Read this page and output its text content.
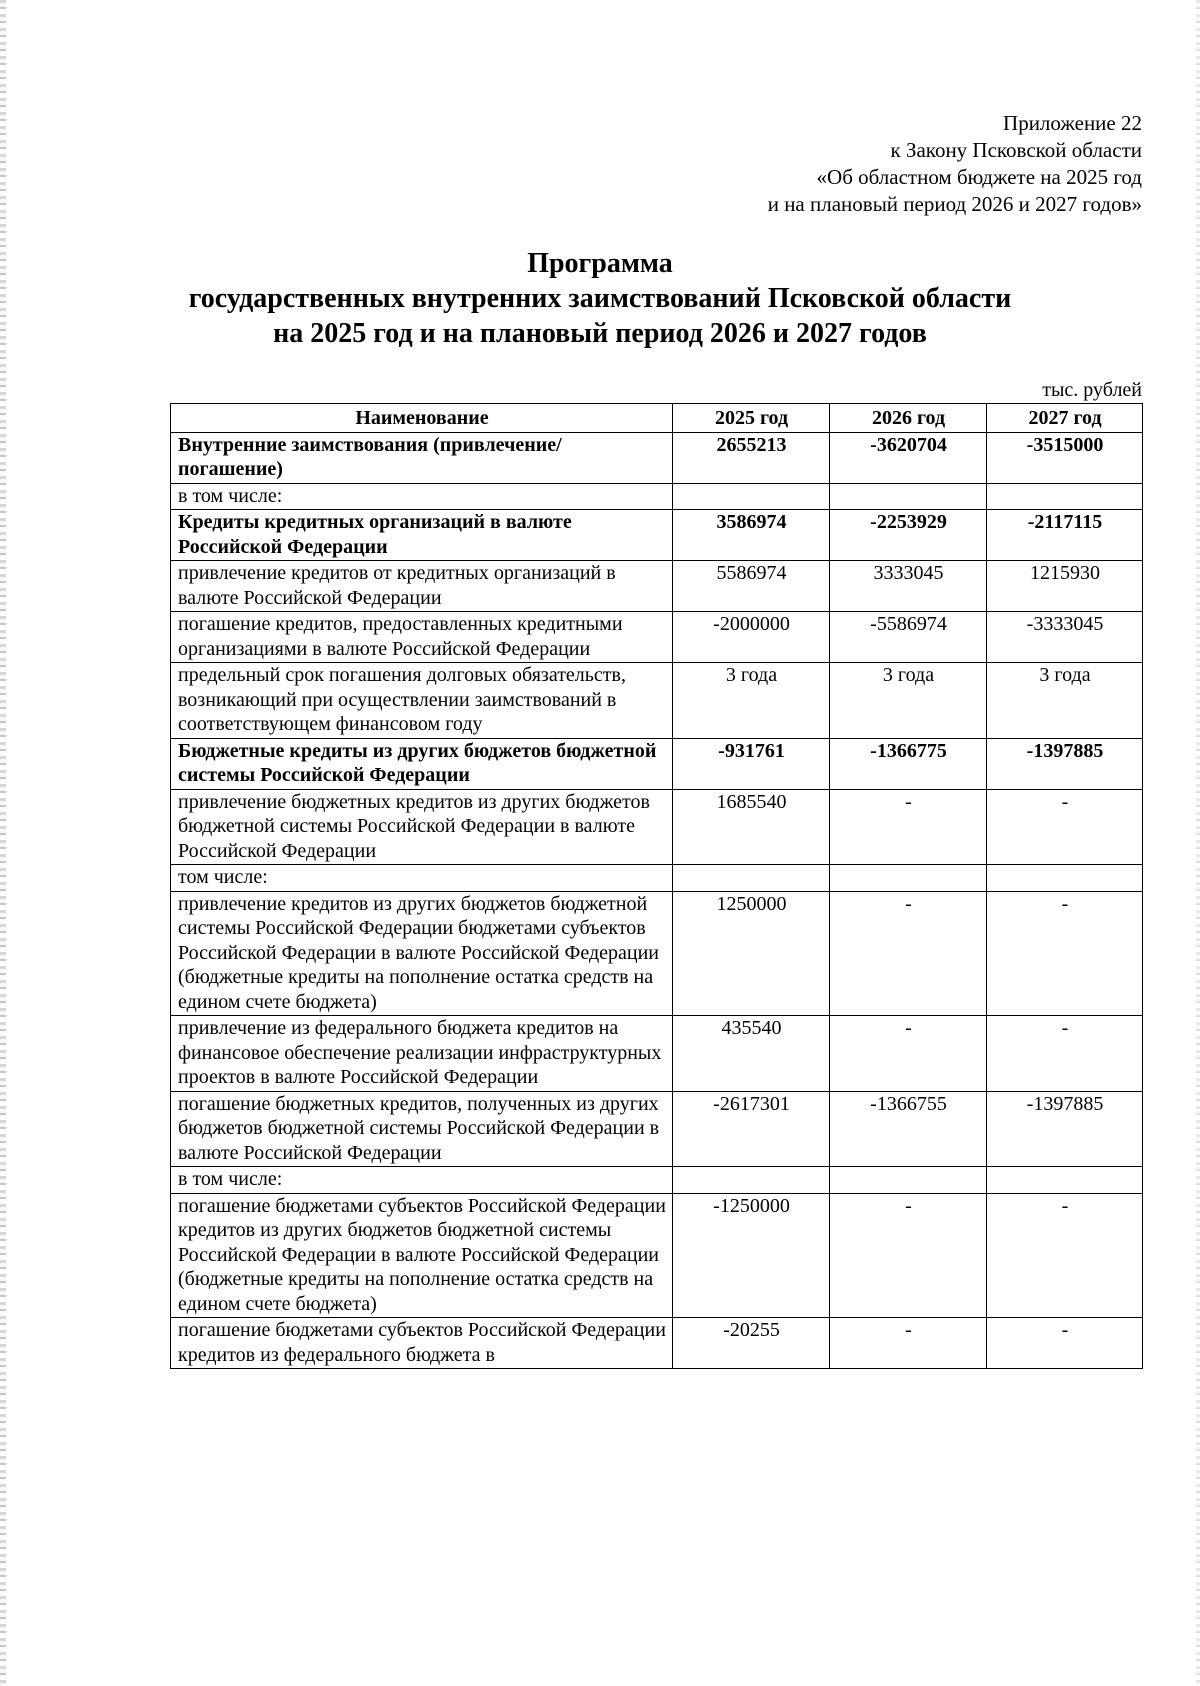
Приложение 22
к Закону Псковской области
«Об областном бюджете на 2025 год
и на плановый период 2026 и 2027 годов»
Программа
государственных внутренних заимствований Псковской области
на 2025 год и на плановый период 2026 и 2027 годов
тыс. рублей
Наименование	2025 год	2026 год	2027 год
Внутренние заимствования (привлечение/погашение)	2655213	-3620704	-3515000
в том числе:			
Кредиты кредитных организаций в валюте Российской Федерации	3586974	-2253929	-2117115
привлечение кредитов от кредитных организаций в валюте Российской Федерации	5586974	3333045	1215930
погашение кредитов, предоставленных кредитными организациями в валюте Российской Федерации	-2000000	-5586974	-3333045
предельный срок погашения долговых обязательств, возникающий при осуществлении заимствований в соответствующем финансовом году	3 года	3 года	3 года
Бюджетные кредиты из других бюджетов бюджетной системы Российской Федерации	-931761	-1366775	-1397885
привлечение бюджетных кредитов из других бюджетов бюджетной системы Российской Федерации в валюте Российской Федерации	1685540	-	-
том числе:			
привлечение кредитов из других бюджетов бюджетной системы Российской Федерации бюджетами субъектов Российской Федерации в валюте Российской Федерации (бюджетные кредиты на пополнение остатка средств на едином счете бюджета)	1250000	-	-
привлечение из федерального бюджета кредитов на финансовое обеспечение реализации инфраструктурных проектов в валюте Российской Федерации	435540	-	-
погашение бюджетных кредитов, полученных из других бюджетов бюджетной системы Российской Федерации в валюте Российской Федерации	-2617301	-1366755	-1397885
в том числе:			
погашение бюджетами субъектов Российской Федерации кредитов из других бюджетов бюджетной системы Российской Федерации в валюте Российской Федерации (бюджетные кредиты на пополнение остатка средств на едином счете бюджета)	-1250000	-	-
погашение бюджетами субъектов Российской Федерации кредитов из федерального бюджета в	-20255	-	-
